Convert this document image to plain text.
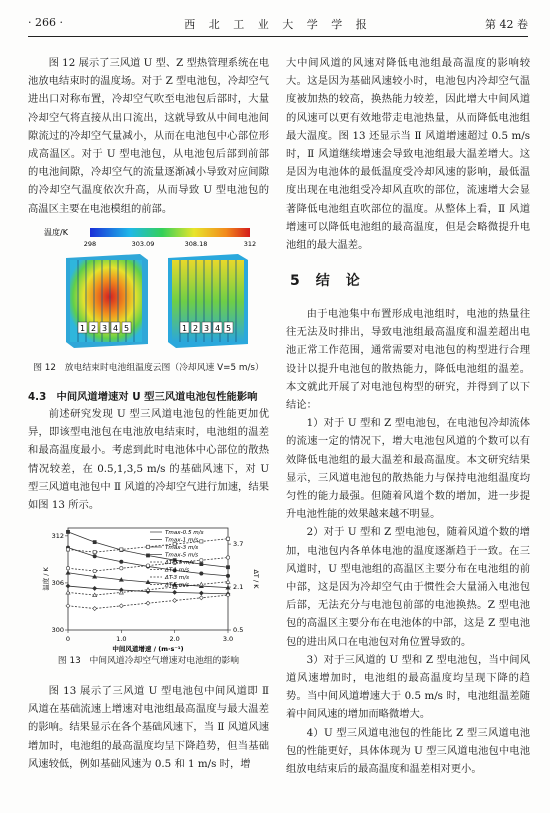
· 266 ·	西 北 工 业 大 学 学 报	第 42 卷

图 12 展示了三风道 U 型、Z 型热管理系统在电池放电结束时的温度场。对于 Z 型电池包，冷却空气进出口对称布置，冷却空气吹至电池包后部时，大量冷却空气将直接从出口流出，这就导致从中间电池间隙流过的冷却空气量减小，从而在电池包中心部位形成高温区。对于 U 型电池包，从电池包后部到前部的电池间隙，冷却空气的流量逐渐减小导致对应间隙的冷却空气温度依次升高，从而导致 U 型电池包的高温区主要在电池模组的前部。

温度/K
298	303.09	308.18	312
1 2 3 4 5	1 2 3 4 5
图 12　放电结束时电池组温度云图（冷却风速 V=5 m/s）
4.3　中间风道增速对 U 型三风道电池包性能影响

前述研究发现 U 型三风道电池包的性能更加优异，即该型电池包在电池放电结束时，电池组的温差和最高温度最小。考虑到此时电池体中心部位的散热情况较差，在 0.5,1,3,5 m/s 的基础风速下，对 U 型三风道电池包中 Ⅱ 风道的冷却空气进行加速，结果如图 13 所示。

0	1.0	2.0	3.0
300
306
312
0.5
2.1
3.7
中间风道增速 / (m·s⁻¹)
温度 / K	ΔT / K
Tmax-0.5 m/s
Tmax-1 m/s
Tmax-3 m/s
Tmax-5 m/s
ΔT-0.5 m/s
ΔT-1 m/s
ΔT-3 m/s
ΔT-5 m/s
图 13　中间风道冷却空气增速对电池组的影响

图 13 展示了三风道 U 型电池包中间风道即 Ⅱ 风道在基础流速上增速对电池组最高温度与最大温差的影响。结果显示在各个基础风速下，当 Ⅱ 风道风速增加时，电池组的最高温度均呈下降趋势，但当基础风速较低，例如基础风速为 0.5 和 1 m/s 时，增

大中间风道的风速对降低电池组最高温度的影响较大。这是因为基础风速较小时，电池包内冷却空气温度被加热的较高，换热能力较差，因此增大中间风道的风速可以更有效地带走电池热量，从而降低电池组最大温度。图 13 还显示当 Ⅱ 风道增速超过 0.5 m/s 时，Ⅱ 风道继续增速会导致电池组最大温差增大。这是因为电池体的最低温度受冷却风速的影响，最低温度出现在电池组受冷却风直吹的部位，流速增大会显著降低电池组直吹部位的温度。从整体上看，Ⅱ 风道增速可以降低电池组的最高温度，但是会略微提升电池组的最大温差。

5　结　论

由于电池集中布置形成电池组时，电池的热量往往无法及时排出，导致电池组最高温度和温差超出电池正常工作范围，通常需要对电池包的构型进行合理设计以提升电池包的散热能力，降低电池组的温差。本文就此开展了对电池包构型的研究，并得到了以下结论：

1）对于 U 型和 Z 型电池包，在电池包冷却流体的流速一定的情况下，增大电池包风道的个数可以有效降低电池组的最大温差和最高温度。本文研究结果显示，三风道电池包的散热能力与保持电池组温度均匀性的能力最强。但随着风道个数的增加，进一步提升电池性能的效果越来越不明显。

2）对于 U 型和 Z 型电池包，随着风道个数的增加，电池包内各单体电池的温度逐渐趋于一致。在三风道时，U 型电池组的高温区主要分布在电池组的前中部，这是因为冷却空气由于惯性会大量涌入电池包后部，无法充分与电池包前部的电池换热。Z 型电池包的高温区主要分布在电池体的中部，这是 Z 型电池包的进出风口在电池包对角位置导致的。

3）对于三风道的 U 型和 Z 型电池包，当中间风道风速增加时，电池组的最高温度均呈现下降的趋势。当中间风道增速大于 0.5 m/s 时，电池组温差随着中间风速的增加而略微增大。

4）U 型三风道电池包的性能比 Z 型三风道电池包的性能更好，具体体现为 U 型三风道电池包中电池组放电结束后的最高温度和温差相对更小。
